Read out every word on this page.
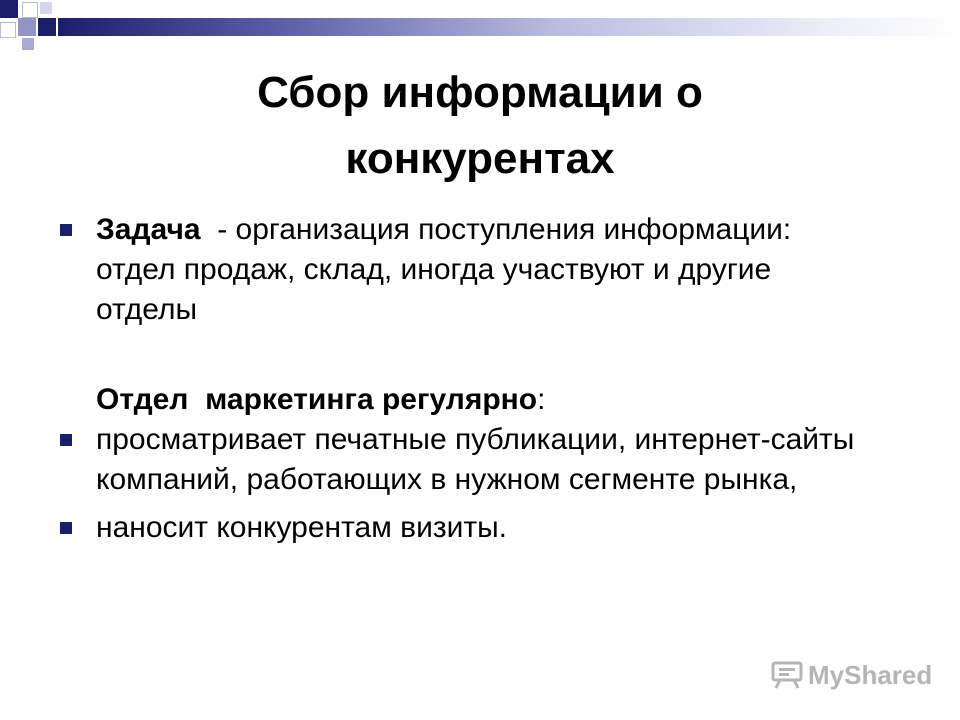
Сбор информации о конкурентах
Задача  - организация поступления информации: отдел продаж, склад, иногда участвуют и другие отделы
Отдел  маркетинга регулярно:
просматривает печатные публикации, интернет-сайты компаний, работающих в нужном сегменте рынка,
наносит конкурентам визиты.
MyShared
